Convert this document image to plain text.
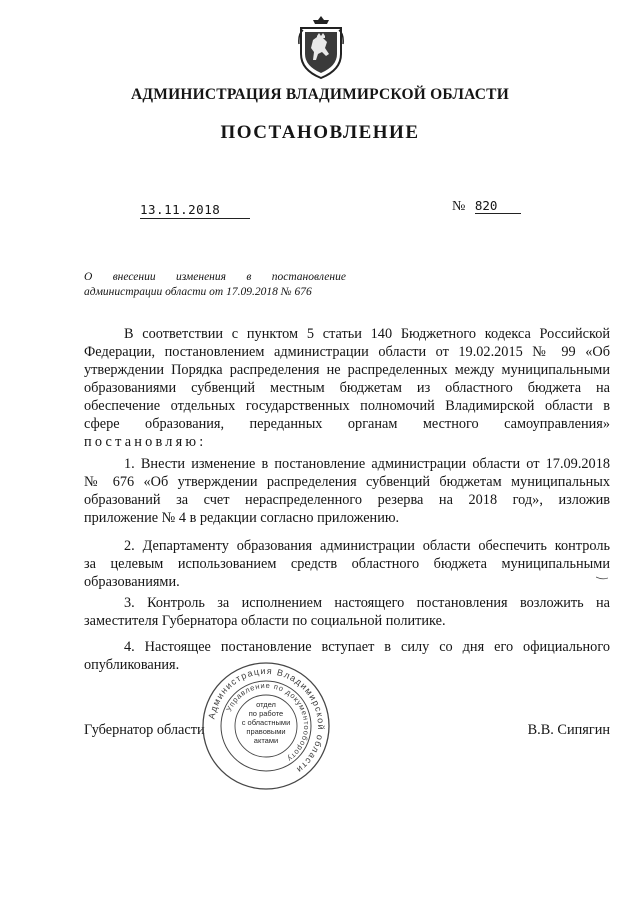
АДМИНИСТРАЦИЯ ВЛАДИМИРСКОЙ ОБЛАСТИ
ПОСТАНОВЛЕНИЕ
13.11.2018	№ 820
О внесении изменения в постановление
администрации области от 17.09.2018 № 676
В соответствии с пунктом 5 статьи 140 Бюджетного кодекса Российской
Федерации, постановлением администрации области от 19.02.2015 № 99 «Об
утверждении Порядка распределения не распределенных между муниципальными
образованиями субвенций местным бюджетам из областного бюджета на
обеспечение отдельных государственных полномочий Владимирской области в
сфере образования, переданных органам местного самоуправления»
постановляю:
1. Внести изменение в постановление администрации области от 17.09.2018
№ 676 «Об утверждении распределения субвенций бюджетам муниципальных
образований за счет нераспределенного резерва на 2018 год», изложив
приложение № 4 в редакции согласно приложению.
2. Департаменту образования администрации области обеспечить контроль
за целевым использованием средств областного бюджета муниципальными
образованиями.
3. Контроль за исполнением настоящего постановления возложить на
заместителя Губернатора области по социальной политике.
4. Настоящее постановление вступает в силу со дня его официального
опубликования.
Губернатор области	В.В. Сипягин
Администрация Владимирской области
Управление по документообороту
отдел
по работе
с областными
правовыми
актами
